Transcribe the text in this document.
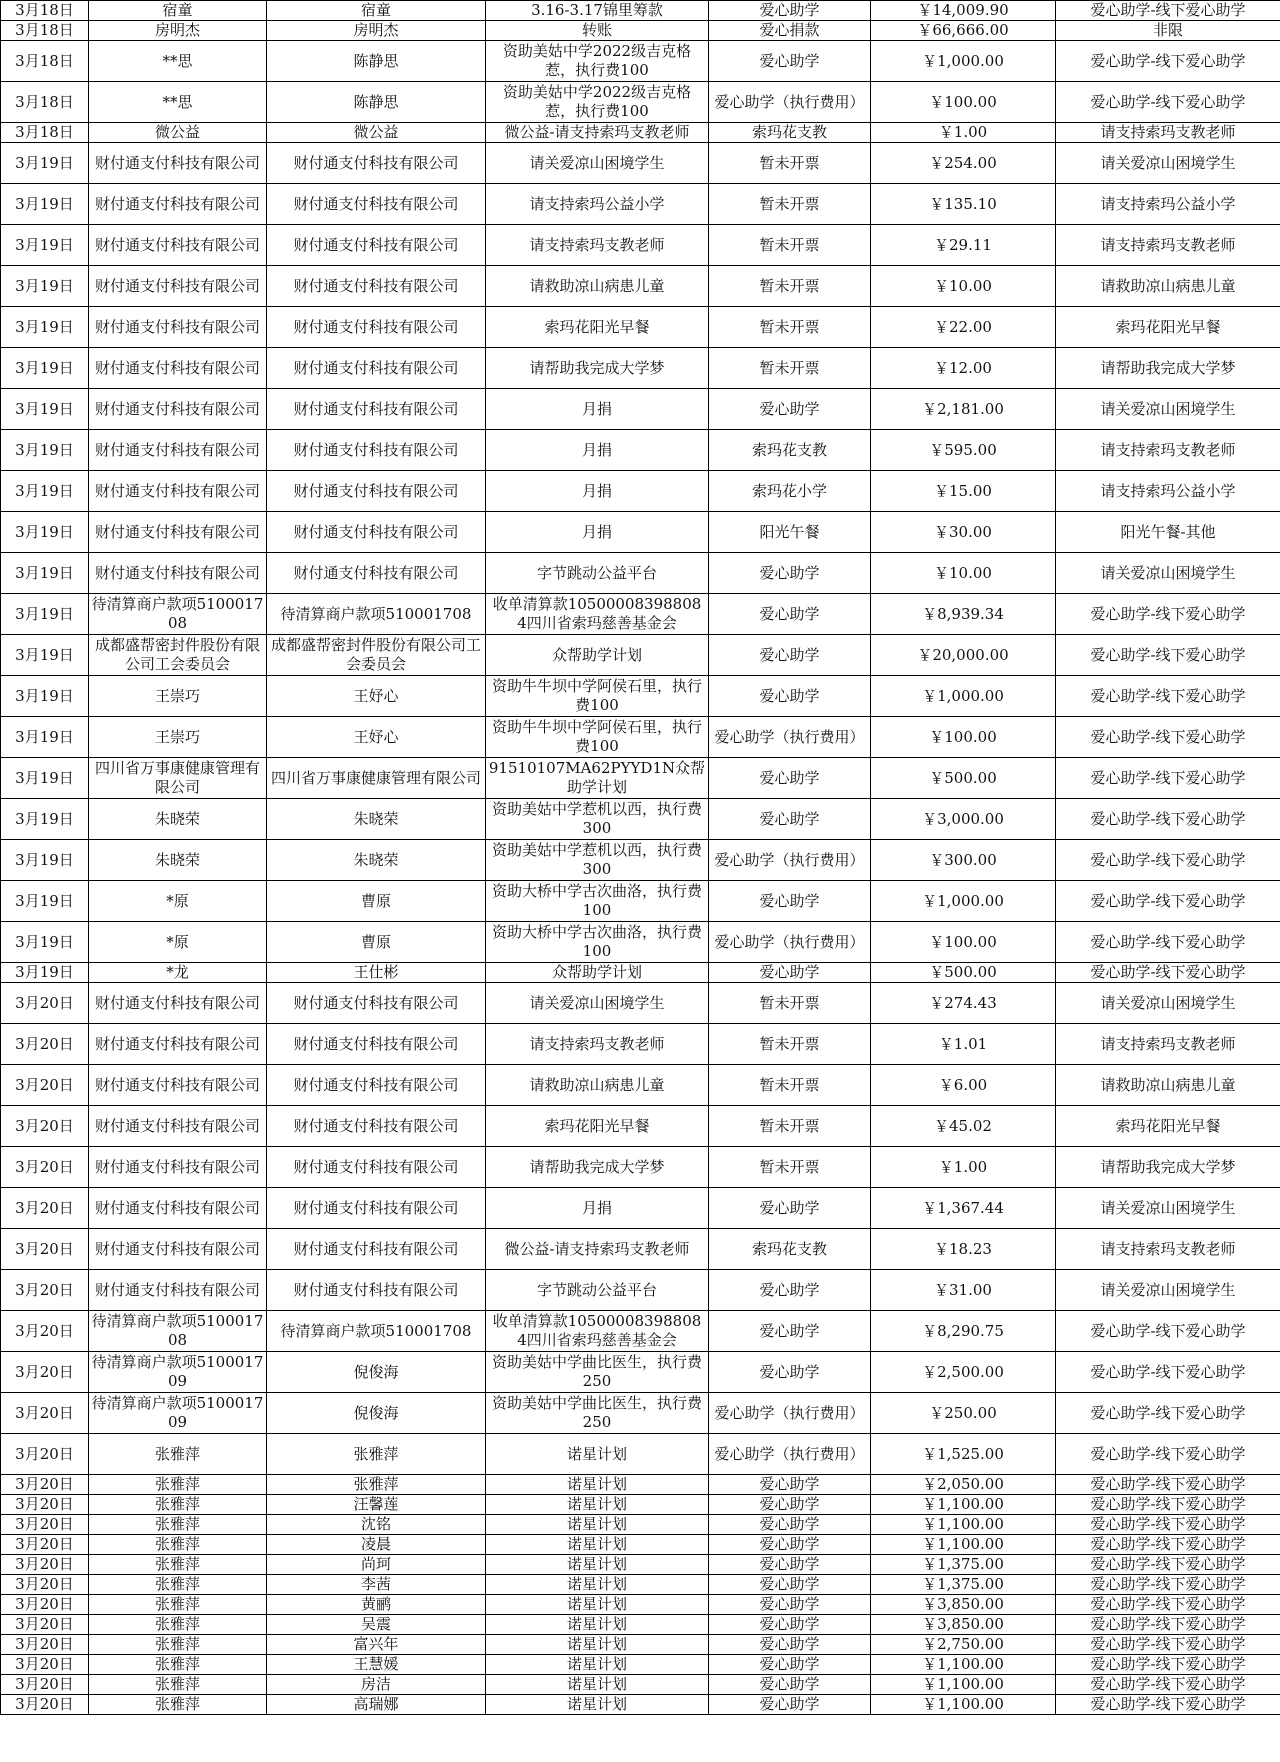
3月18日	宿童	宿童	3.16-3.17锦里筹款	爱心助学	￥14,009.90	爱心助学-线下爱心助学
3月18日	房明杰	房明杰	转账	爱心捐款	￥66,666.00	非限
3月18日	**思	陈静思	资助美姑中学2022级吉克格惹，执行费100	爱心助学	￥1,000.00	爱心助学-线下爱心助学
3月18日	**思	陈静思	资助美姑中学2022级吉克格惹，执行费100	爱心助学（执行费用）	￥100.00	爱心助学-线下爱心助学
3月18日	微公益	微公益	微公益-请支持索玛支教老师	索玛花支教	￥1.00	请支持索玛支教老师
3月19日	财付通支付科技有限公司	财付通支付科技有限公司	请关爱凉山困境学生	暂未开票	￥254.00	请关爱凉山困境学生
3月19日	财付通支付科技有限公司	财付通支付科技有限公司	请支持索玛公益小学	暂未开票	￥135.10	请支持索玛公益小学
3月19日	财付通支付科技有限公司	财付通支付科技有限公司	请支持索玛支教老师	暂未开票	￥29.11	请支持索玛支教老师
3月19日	财付通支付科技有限公司	财付通支付科技有限公司	请救助凉山病患儿童	暂未开票	￥10.00	请救助凉山病患儿童
3月19日	财付通支付科技有限公司	财付通支付科技有限公司	索玛花阳光早餐	暂未开票	￥22.00	索玛花阳光早餐
3月19日	财付通支付科技有限公司	财付通支付科技有限公司	请帮助我完成大学梦	暂未开票	￥12.00	请帮助我完成大学梦
3月19日	财付通支付科技有限公司	财付通支付科技有限公司	月捐	爱心助学	￥2,181.00	请关爱凉山困境学生
3月19日	财付通支付科技有限公司	财付通支付科技有限公司	月捐	索玛花支教	￥595.00	请支持索玛支教老师
3月19日	财付通支付科技有限公司	财付通支付科技有限公司	月捐	索玛花小学	￥15.00	请支持索玛公益小学
3月19日	财付通支付科技有限公司	财付通支付科技有限公司	月捐	阳光午餐	￥30.00	阳光午餐-其他
3月19日	财付通支付科技有限公司	财付通支付科技有限公司	字节跳动公益平台	爱心助学	￥10.00	请关爱凉山困境学生
3月19日	待清算商户款项510001708	待清算商户款项510001708	收单清算款105000083988084四川省索玛慈善基金会	爱心助学	￥8,939.34	爱心助学-线下爱心助学
3月19日	成都盛帮密封件股份有限公司工会委员会	成都盛帮密封件股份有限公司工会委员会	众帮助学计划	爱心助学	￥20,000.00	爱心助学-线下爱心助学
3月19日	王崇巧	王妤心	资助牛牛坝中学阿侯石里，执行费100	爱心助学	￥1,000.00	爱心助学-线下爱心助学
3月19日	王崇巧	王妤心	资助牛牛坝中学阿侯石里，执行费100	爱心助学（执行费用）	￥100.00	爱心助学-线下爱心助学
3月19日	四川省万事康健康管理有限公司	四川省万事康健康管理有限公司	91510107MA62PYYD1N众帮助学计划	爱心助学	￥500.00	爱心助学-线下爱心助学
3月19日	朱晓荣	朱晓荣	资助美姑中学惹机以西，执行费300	爱心助学	￥3,000.00	爱心助学-线下爱心助学
3月19日	朱晓荣	朱晓荣	资助美姑中学惹机以西，执行费300	爱心助学（执行费用）	￥300.00	爱心助学-线下爱心助学
3月19日	*原	曹原	资助大桥中学古次曲洛，执行费100	爱心助学	￥1,000.00	爱心助学-线下爱心助学
3月19日	*原	曹原	资助大桥中学古次曲洛，执行费100	爱心助学（执行费用）	￥100.00	爱心助学-线下爱心助学
3月19日	*龙	王仕彬	众帮助学计划	爱心助学	￥500.00	爱心助学-线下爱心助学
3月20日	财付通支付科技有限公司	财付通支付科技有限公司	请关爱凉山困境学生	暂未开票	￥274.43	请关爱凉山困境学生
3月20日	财付通支付科技有限公司	财付通支付科技有限公司	请支持索玛支教老师	暂未开票	￥1.01	请支持索玛支教老师
3月20日	财付通支付科技有限公司	财付通支付科技有限公司	请救助凉山病患儿童	暂未开票	￥6.00	请救助凉山病患儿童
3月20日	财付通支付科技有限公司	财付通支付科技有限公司	索玛花阳光早餐	暂未开票	￥45.02	索玛花阳光早餐
3月20日	财付通支付科技有限公司	财付通支付科技有限公司	请帮助我完成大学梦	暂未开票	￥1.00	请帮助我完成大学梦
3月20日	财付通支付科技有限公司	财付通支付科技有限公司	月捐	爱心助学	￥1,367.44	请关爱凉山困境学生
3月20日	财付通支付科技有限公司	财付通支付科技有限公司	微公益-请支持索玛支教老师	索玛花支教	￥18.23	请支持索玛支教老师
3月20日	财付通支付科技有限公司	财付通支付科技有限公司	字节跳动公益平台	爱心助学	￥31.00	请关爱凉山困境学生
3月20日	待清算商户款项510001708	待清算商户款项510001708	收单清算款105000083988084四川省索玛慈善基金会	爱心助学	￥8,290.75	爱心助学-线下爱心助学
3月20日	待清算商户款项510001709	倪俊海	资助美姑中学曲比医生，执行费250	爱心助学	￥2,500.00	爱心助学-线下爱心助学
3月20日	待清算商户款项510001709	倪俊海	资助美姑中学曲比医生，执行费250	爱心助学（执行费用）	￥250.00	爱心助学-线下爱心助学
3月20日	张雅萍	张雅萍	诺星计划	爱心助学（执行费用）	￥1,525.00	爱心助学-线下爱心助学
3月20日	张雅萍	张雅萍	诺星计划	爱心助学	￥2,050.00	爱心助学-线下爱心助学
3月20日	张雅萍	汪馨莲	诺星计划	爱心助学	￥1,100.00	爱心助学-线下爱心助学
3月20日	张雅萍	沈铭	诺星计划	爱心助学	￥1,100.00	爱心助学-线下爱心助学
3月20日	张雅萍	凌晨	诺星计划	爱心助学	￥1,100.00	爱心助学-线下爱心助学
3月20日	张雅萍	尚珂	诺星计划	爱心助学	￥1,375.00	爱心助学-线下爱心助学
3月20日	张雅萍	李茜	诺星计划	爱心助学	￥1,375.00	爱心助学-线下爱心助学
3月20日	张雅萍	黄鹂	诺星计划	爱心助学	￥3,850.00	爱心助学-线下爱心助学
3月20日	张雅萍	吴震	诺星计划	爱心助学	￥3,850.00	爱心助学-线下爱心助学
3月20日	张雅萍	富兴年	诺星计划	爱心助学	￥2,750.00	爱心助学-线下爱心助学
3月20日	张雅萍	王慧媛	诺星计划	爱心助学	￥1,100.00	爱心助学-线下爱心助学
3月20日	张雅萍	房洁	诺星计划	爱心助学	￥1,100.00	爱心助学-线下爱心助学
3月20日	张雅萍	高瑞娜	诺星计划	爱心助学	￥1,100.00	爱心助学-线下爱心助学
